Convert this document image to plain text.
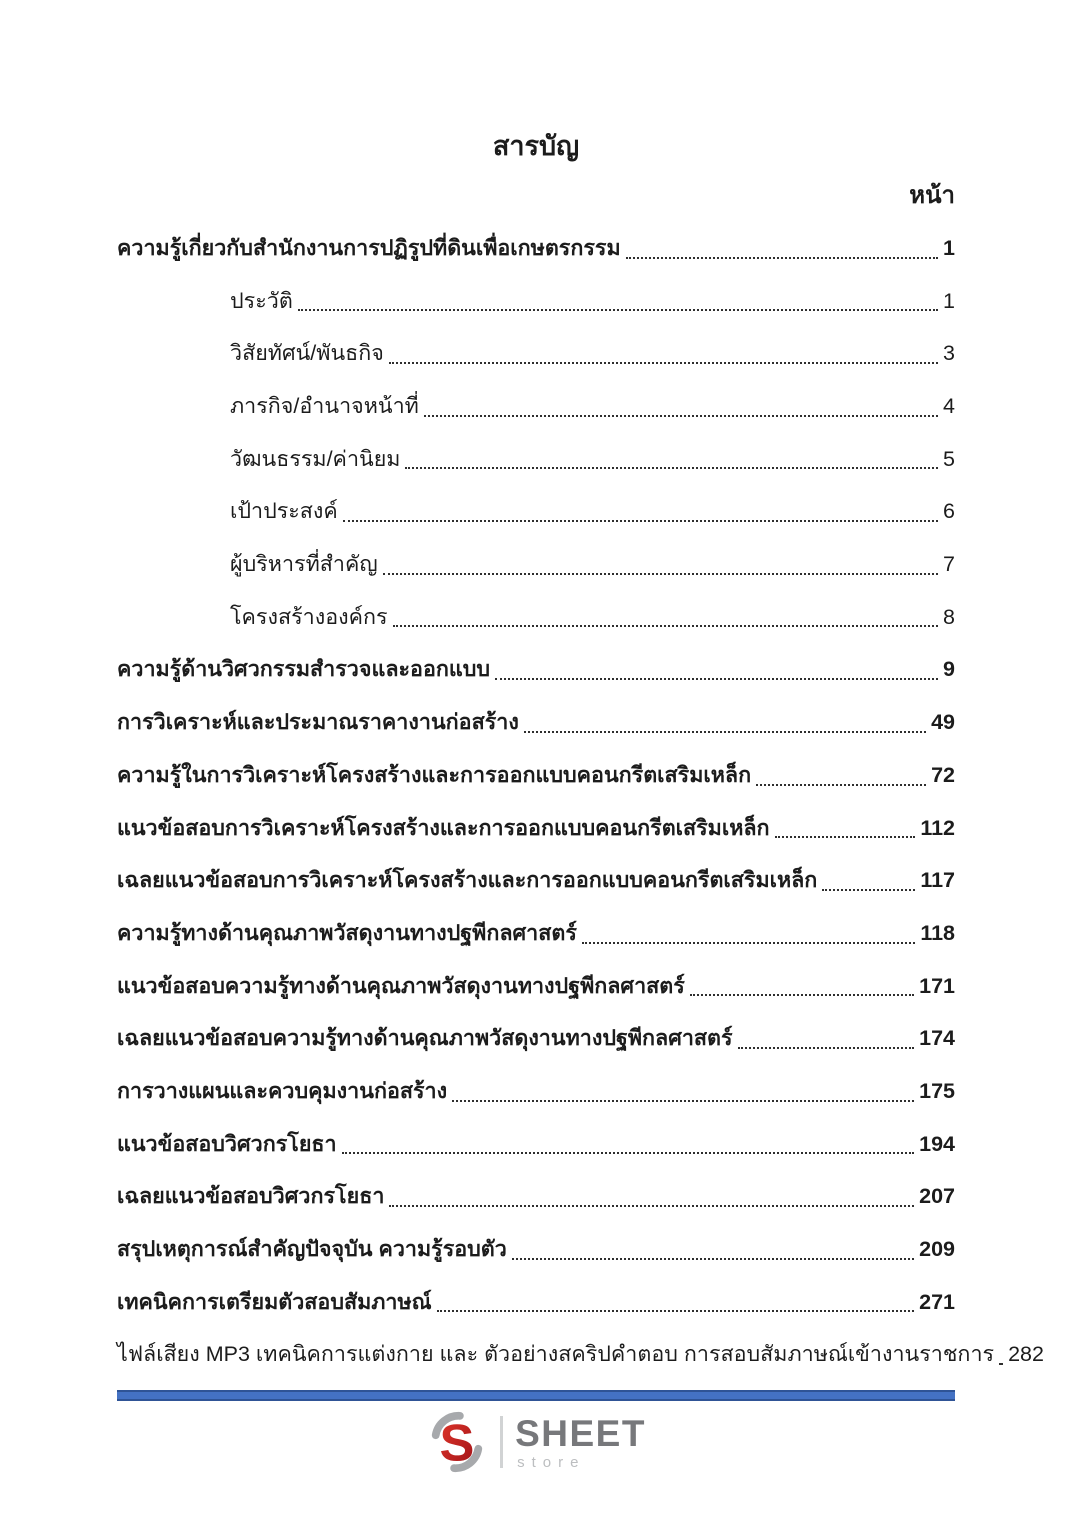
สารบัญ
หน้า
ความรู้เกี่ยวกับสำนักงานการปฏิรูปที่ดินเพื่อเกษตรกรรม	1
ประวัติ	1
วิสัยทัศน์/พันธกิจ	3
ภารกิจ/อำนาจหน้าที่	4
วัฒนธรรม/ค่านิยม	5
เป้าประสงค์	6
ผู้บริหารที่สำคัญ	7
โครงสร้างองค์กร	8
ความรู้ด้านวิศวกรรมสำรวจและออกแบบ	9
การวิเคราะห์และประมาณราคางานก่อสร้าง	49
ความรู้ในการวิเคราะห์โครงสร้างและการออกแบบคอนกรีตเสริมเหล็ก	72
แนวข้อสอบการวิเคราะห์โครงสร้างและการออกแบบคอนกรีตเสริมเหล็ก	112
เฉลยแนวข้อสอบการวิเคราะห์โครงสร้างและการออกแบบคอนกรีตเสริมเหล็ก	117
ความรู้ทางด้านคุณภาพวัสดุงานทางปฐพีกลศาสตร์	118
แนวข้อสอบความรู้ทางด้านคุณภาพวัสดุงานทางปฐพีกลศาสตร์	171
เฉลยแนวข้อสอบความรู้ทางด้านคุณภาพวัสดุงานทางปฐพีกลศาสตร์	174
การวางแผนและควบคุมงานก่อสร้าง	175
แนวข้อสอบวิศวกรโยธา	194
เฉลยแนวข้อสอบวิศวกรโยธา	207
สรุปเหตุการณ์สำคัญปัจจุบัน ความรู้รอบตัว	209
เทคนิคการเตรียมตัวสอบสัมภาษณ์	271
ไฟล์เสียง MP3 เทคนิคการแต่งกาย และ ตัวอย่างสคริปคำตอบ การสอบสัมภาษณ์เข้างานราชการ 282
S SHEET
store
